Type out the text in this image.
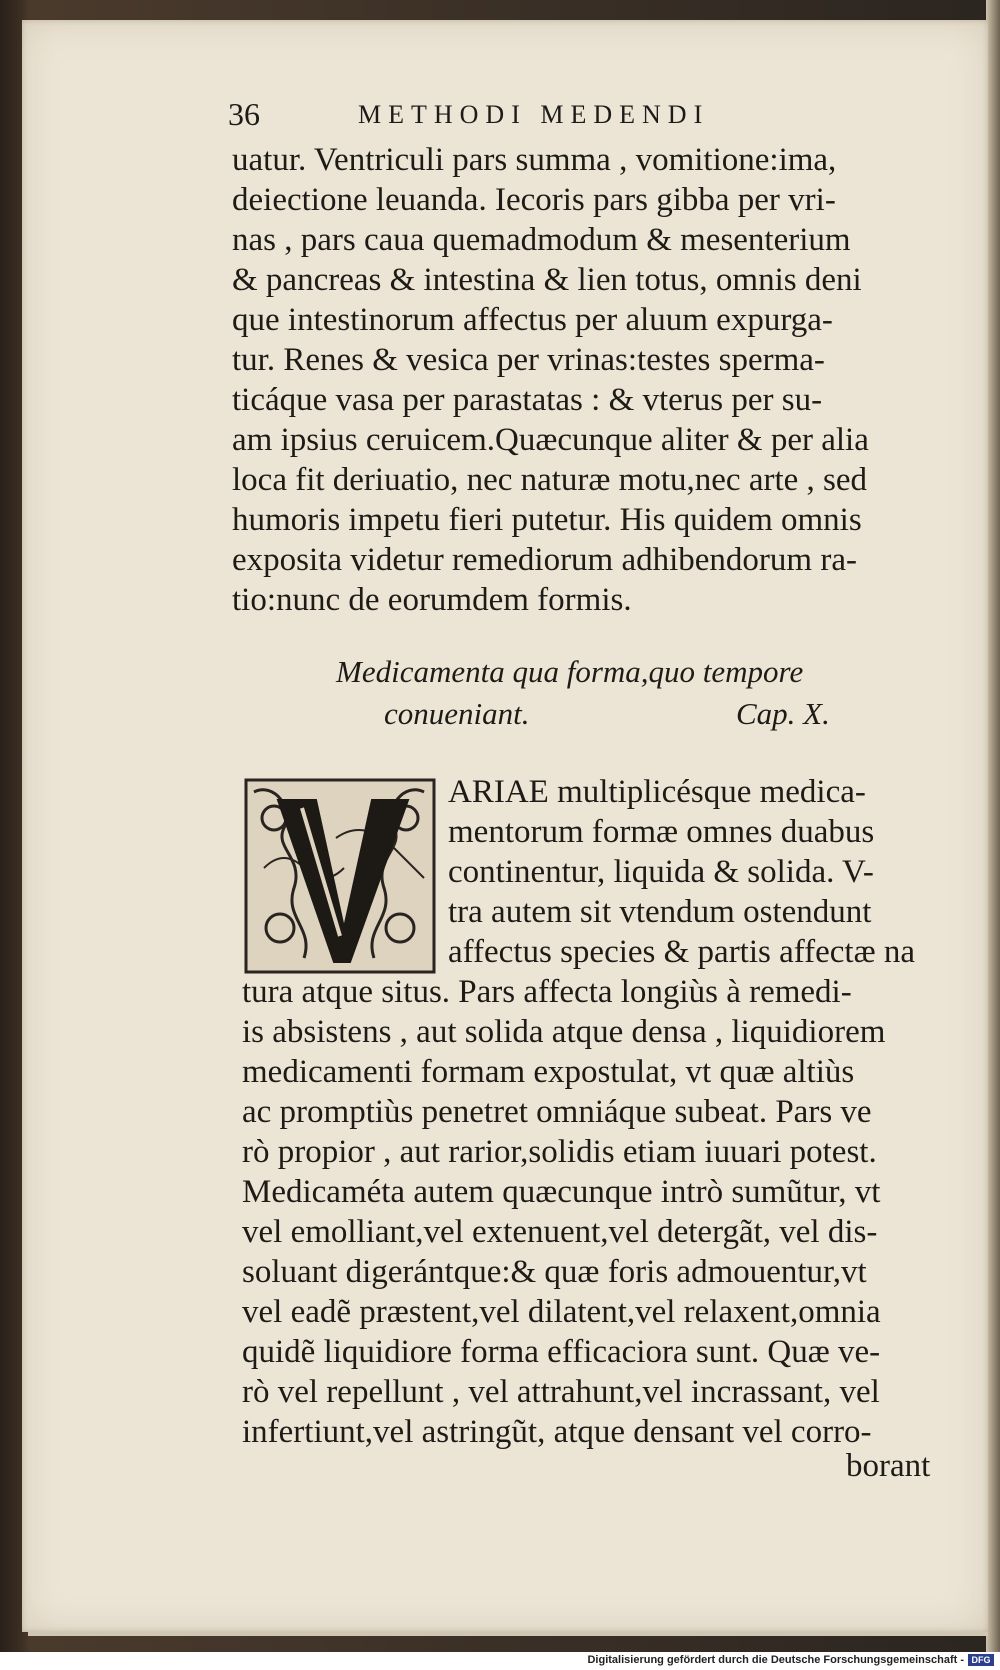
36	METHODI MEDENDI
uatur. Ventriculi pars summa , vomitione:ima,
deiectione leuanda. Iecoris pars gibba per vri-
nas , pars caua quemadmodum & mesenterium
& pancreas & intestina & lien totus, omnis deni
que intestinorum affectus per aluum expurga-
tur. Renes & vesica per vrinas:testes sperma-
ticáque vasa per parastatas : & vterus per su-
am ipsius ceruicem.Quæcunque aliter & per alia
loca fit deriuatio, nec naturæ motu,nec arte , sed
humoris impetu fieri putetur. His quidem omnis
exposita videtur remediorum adhibendorum ra-
tio:nunc de eorumdem formis.
Medicamenta qua forma,quo tempore
conueniant.	Cap. X.
V
ARIAE multiplicésque medica-
mentorum formæ omnes duabus
continentur, liquida & solida. V-
tra autem sit vtendum ostendunt
affectus species & partis affectæ na
tura atque situs. Pars affecta longiùs à remedi-
is absistens , aut solida atque densa , liquidiorem
medicamenti formam expostulat, vt quæ altiùs
ac promptiùs penetret omniáque subeat. Pars ve
rò propior , aut rarior,solidis etiam iuuari potest.
Medicaméta autem quæcunque intrò sumũtur, vt
vel emolliant,vel extenuent,vel detergãt, vel dis-
soluant digerántque:& quæ foris admouentur,vt
vel eadẽ præstent,vel dilatent,vel relaxent,omnia
quidẽ liquidiore forma efficaciora sunt. Quæ ve-
rò vel repellunt , vel attrahunt,vel incrassant, vel
infertiunt,vel astringũt, atque densant vel corro-
borant
Digitalisierung gefördert durch die Deutsche Forschungsgemeinschaft - DFG
